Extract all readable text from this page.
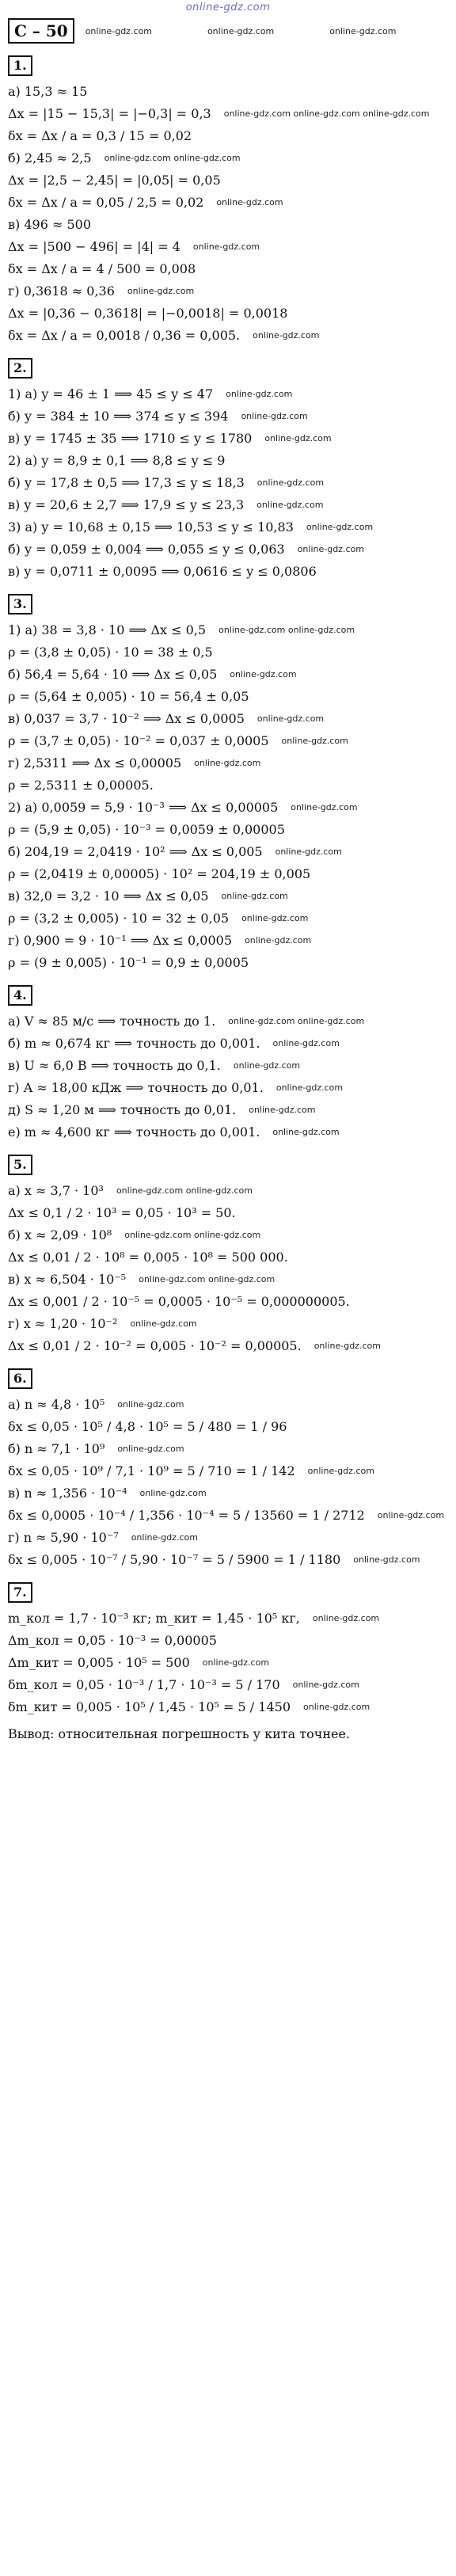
online-gdz.com
С – 50	online-gdz.com	online-gdz.com	online-gdz.com
1.
а) 15,3 ≈ 15
Δx = |15 − 15,3| = |−0,3| = 0,3 online-gdz.com online-gdz.com online-gdz.com
δx = Δx / a = 0,3 / 15 = 0,02
б) 2,45 ≈ 2,5 online-gdz.com online-gdz.com
Δx = |2,5 − 2,45| = |0,05| = 0,05
δx = Δx / a = 0,05 / 2,5 = 0,02 online-gdz.com
в) 496 ≈ 500
Δx = |500 − 496| = |4| = 4 online-gdz.com
δx = Δx / a = 4 / 500 = 0,008
г) 0,3618 ≈ 0,36 online-gdz.com
Δx = |0,36 − 0,3618| = |−0,0018| = 0,0018
δx = Δx / a = 0,0018 / 0,36 = 0,005. online-gdz.com
2.
1) а) y = 46 ± 1 ⟹ 45 ≤ y ≤ 47 online-gdz.com
б) y = 384 ± 10 ⟹ 374 ≤ y ≤ 394 online-gdz.com
в) y = 1745 ± 35 ⟹ 1710 ≤ y ≤ 1780 online-gdz.com
2) а) y = 8,9 ± 0,1 ⟹ 8,8 ≤ y ≤ 9
б) y = 17,8 ± 0,5 ⟹ 17,3 ≤ y ≤ 18,3 online-gdz.com
в) y = 20,6 ± 2,7 ⟹ 17,9 ≤ y ≤ 23,3 online-gdz.com
3) а) y = 10,68 ± 0,15 ⟹ 10,53 ≤ y ≤ 10,83 online-gdz.com
б) y = 0,059 ± 0,004 ⟹ 0,055 ≤ y ≤ 0,063 online-gdz.com
в) y = 0,0711 ± 0,0095 ⟹ 0,0616 ≤ y ≤ 0,0806
3.
1) а) 38 = 3,8 · 10 ⟹ Δx ≤ 0,5 online-gdz.com online-gdz.com
ρ = (3,8 ± 0,05) · 10 = 38 ± 0,5
б) 56,4 = 5,64 · 10 ⟹ Δx ≤ 0,05 online-gdz.com
ρ = (5,64 ± 0,005) · 10 = 56,4 ± 0,05
в) 0,037 = 3,7 · 10⁻² ⟹ Δx ≤ 0,0005 online-gdz.com
ρ = (3,7 ± 0,05) · 10⁻² = 0,037 ± 0,0005 online-gdz.com
г) 2,5311 ⟹ Δx ≤ 0,00005 online-gdz.com
ρ = 2,5311 ± 0,00005.
2) а) 0,0059 = 5,9 · 10⁻³ ⟹ Δx ≤ 0,00005 online-gdz.com
ρ = (5,9 ± 0,05) · 10⁻³ = 0,0059 ± 0,00005
б) 204,19 = 2,0419 · 10² ⟹ Δx ≤ 0,005 online-gdz.com
ρ = (2,0419 ± 0,00005) · 10² = 204,19 ± 0,005
в) 32,0 = 3,2 · 10 ⟹ Δx ≤ 0,05 online-gdz.com
ρ = (3,2 ± 0,005) · 10 = 32 ± 0,05 online-gdz.com
г) 0,900 = 9 · 10⁻¹ ⟹ Δx ≤ 0,0005 online-gdz.com
ρ = (9 ± 0,005) · 10⁻¹ = 0,9 ± 0,0005
4.
а) V ≈ 85 м/с ⟹ точность до 1. online-gdz.com online-gdz.com
б) m ≈ 0,674 кг ⟹ точность до 0,001. online-gdz.com
в) U ≈ 6,0 В ⟹ точность до 0,1. online-gdz.com
г) A ≈ 18,00 кДж ⟹ точность до 0,01. online-gdz.com
д) S ≈ 1,20 м ⟹ точность до 0,01. online-gdz.com
е) m ≈ 4,600 кг ⟹ точность до 0,001. online-gdz.com
5.
а) x ≈ 3,7 · 10³ online-gdz.com online-gdz.com
Δx ≤ 0,1 / 2 · 10³ = 0,05 · 10³ = 50.
б) x ≈ 2,09 · 10⁸ online-gdz.com online-gdz.com
Δx ≤ 0,01 / 2 · 10⁸ = 0,005 · 10⁸ = 500 000.
в) x ≈ 6,504 · 10⁻⁵ online-gdz.com online-gdz.com
Δx ≤ 0,001 / 2 · 10⁻⁵ = 0,0005 · 10⁻⁵ = 0,000000005.
г) x ≈ 1,20 · 10⁻² online-gdz.com
Δx ≤ 0,01 / 2 · 10⁻² = 0,005 · 10⁻² = 0,00005. online-gdz.com
6.
а) n ≈ 4,8 · 10⁵ online-gdz.com
δx ≤ 0,05 · 10⁵ / 4,8 · 10⁵ = 5 / 480 = 1 / 96
б) n ≈ 7,1 · 10⁹ online-gdz.com
δx ≤ 0,05 · 10⁹ / 7,1 · 10⁹ = 5 / 710 = 1 / 142 online-gdz.com
в) n ≈ 1,356 · 10⁻⁴ online-gdz.com
δx ≤ 0,0005 · 10⁻⁴ / 1,356 · 10⁻⁴ = 5 / 13560 = 1 / 2712 online-gdz.com
г) n ≈ 5,90 · 10⁻⁷ online-gdz.com
δx ≤ 0,005 · 10⁻⁷ / 5,90 · 10⁻⁷ = 5 / 5900 = 1 / 1180 online-gdz.com
7.
m_кол = 1,7 · 10⁻³ кг; m_кит = 1,45 · 10⁵ кг, online-gdz.com
Δm_кол = 0,05 · 10⁻³ = 0,00005
Δm_кит = 0,005 · 10⁵ = 500 online-gdz.com
δm_кол = 0,05 · 10⁻³ / 1,7 · 10⁻³ = 5 / 170 online-gdz.com
δm_кит = 0,005 · 10⁵ / 1,45 · 10⁵ = 5 / 1450 online-gdz.com
Вывод: относительная погрешность у кита точнее.
